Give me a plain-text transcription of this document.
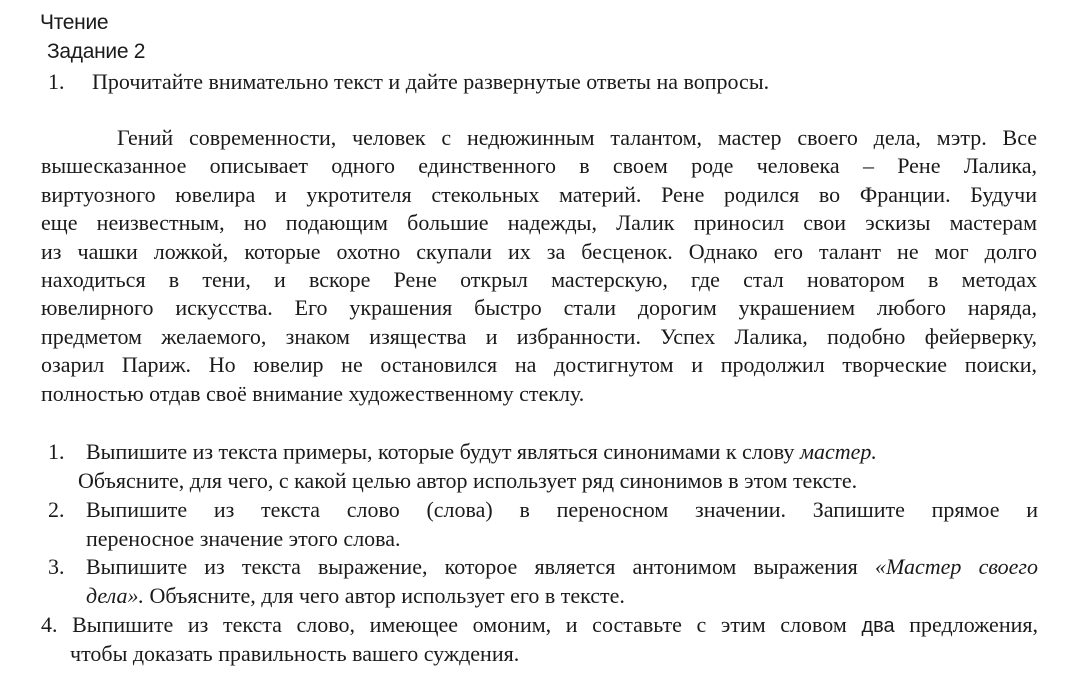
Чтение
Задание 2
1. Прочитайте внимательно текст и дайте развернутые ответы на вопросы.
Гений современности, человек с недюжинным талантом, мастер своего дела, мэтр. Все
вышесказанное описывает одного единственного в своем роде человека – Рене Лалика,
виртуозного ювелира и укротителя стекольных материй. Рене родился во Франции. Будучи
еще неизвестным, но подающим большие надежды, Лалик приносил свои эскизы мастерам
из чашки ложкой, которые охотно скупали их за бесценок. Однако его талант не мог долго
находиться в тени, и вскоре Рене открыл мастерскую, где стал новатором в методах
ювелирного искусства. Его украшения быстро стали дорогим украшением любого наряда,
предметом желаемого, знаком изящества и избранности. Успех Лалика, подобно фейерверку,
озарил Париж. Но ювелир не остановился на достигнутом и продолжил творческие поиски,
полностью отдав своё внимание художественному стеклу.
1. Выпишите из текста примеры, которые будут являться синонимами к слову мастер.
Объясните, для чего, с какой целью автор использует ряд синонимов в этом тексте.
2. Выпишите из текста слово (слова) в переносном значении. Запишите прямое и
переносное значение этого слова.
3. Выпишите из текста выражение, которое является антонимом выражения «Мастер своего
дела». Объясните, для чего автор использует его в тексте.
4. Выпишите из текста слово, имеющее омоним, и составьте с этим словом два предложения,
чтобы доказать правильность вашего суждения.
